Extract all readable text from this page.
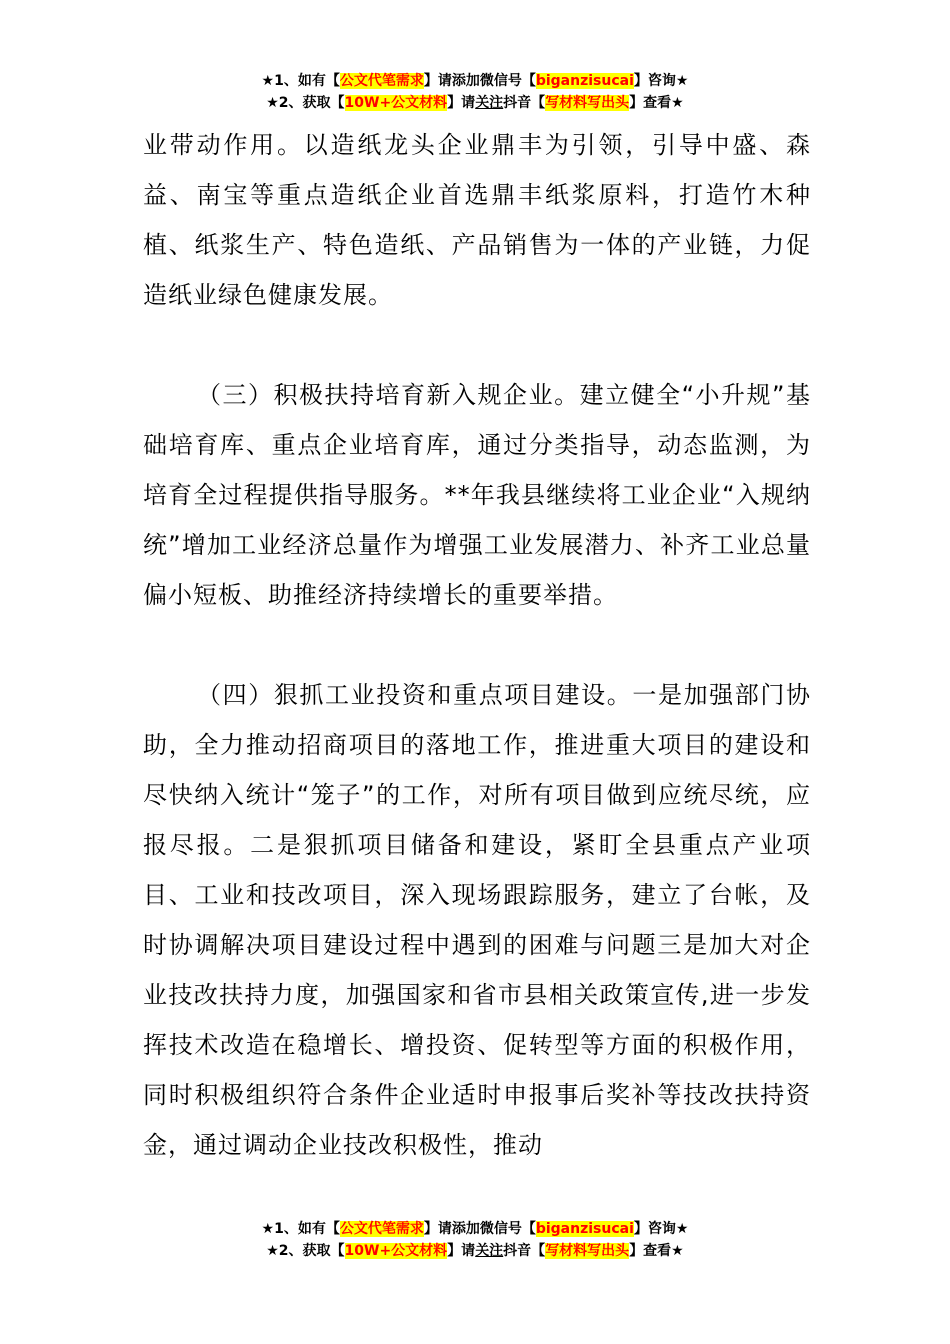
★1、如有【公文代笔需求】请添加微信号【biganzisucai】咨询★
★2、获取【10W+公文材料】请关注抖音【写材料写出头】查看★

业带动作用。以造纸龙头企业鼎丰为引领，引导中盛、森益、南宝等重点造纸企业首选鼎丰纸浆原料，打造竹木种植、纸浆生产、特色造纸、产品销售为一体的产业链，力促造纸业绿色健康发展。

（三）积极扶持培育新入规企业。建立健全“小升规”基础培育库、重点企业培育库，通过分类指导，动态监测，为培育全过程提供指导服务。**年我县继续将工业企业“入规纳统”增加工业经济总量作为增强工业发展潜力、补齐工业总量偏小短板、助推经济持续增长的重要举措。

（四）狠抓工业投资和重点项目建设。一是加强部门协助，全力推动招商项目的落地工作，推进重大项目的建设和尽快纳入统计“笼子”的工作，对所有项目做到应统尽统，应报尽报。二是狠抓项目储备和建设，紧盯全县重点产业项目、工业和技改项目，深入现场跟踪服务，建立了台帐，及时协调解决项目建设过程中遇到的困难与问题三是加大对企业技改扶持力度，加强国家和省市县相关政策宣传,进一步发挥技术改造在稳增长、增投资、促转型等方面的积极作用，同时积极组织符合条件企业适时申报事后奖补等技改扶持资金，通过调动企业技改积极性，推动

★1、如有【公文代笔需求】请添加微信号【biganzisucai】咨询★
★2、获取【10W+公文材料】请关注抖音【写材料写出头】查看★
